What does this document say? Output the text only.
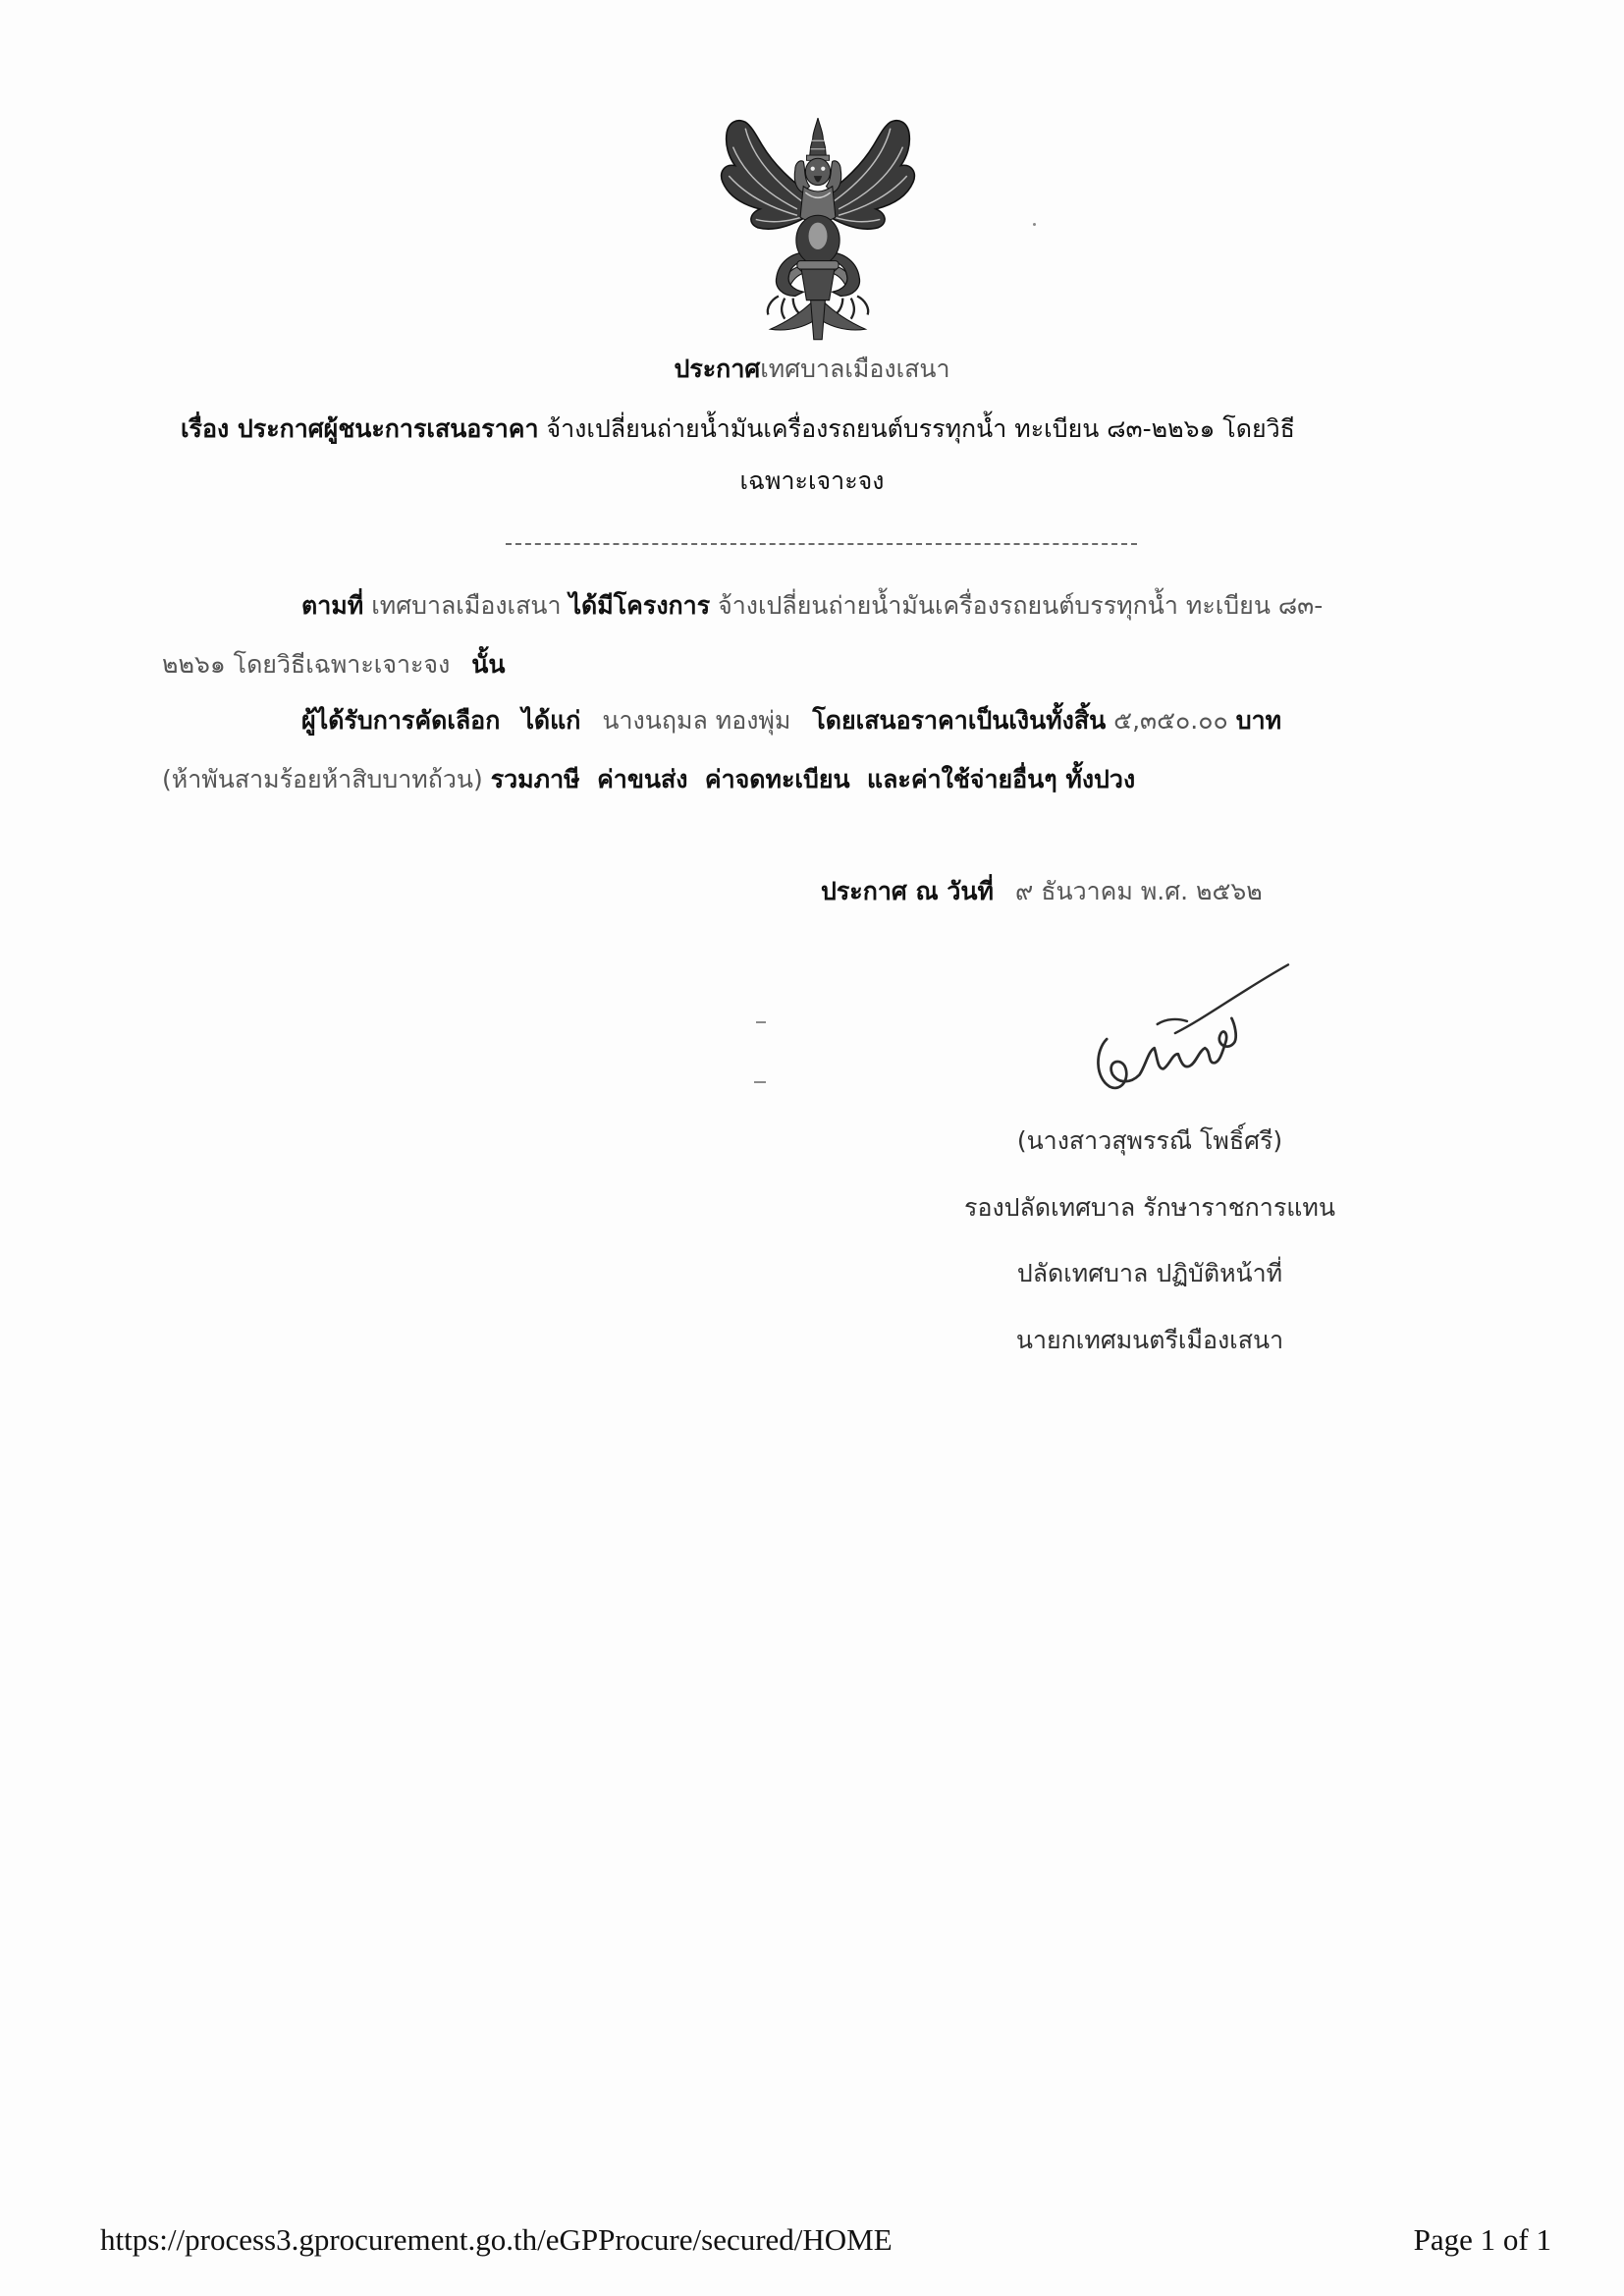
ประกาศเทศบาลเมืองเสนา
เรื่อง ประกาศผู้ชนะการเสนอราคา จ้างเปลี่ยนถ่ายน้ำมันเครื่องรถยนต์บรรทุกน้ำ ทะเบียน ๘๓-๒๒๖๑ โดยวิธี
เฉพาะเจาะจง
ตามที่ เทศบาลเมืองเสนา ได้มีโครงการ จ้างเปลี่ยนถ่ายน้ำมันเครื่องรถยนต์บรรทุกน้ำ ทะเบียน ๘๓-
๒๒๖๑ โดยวิธีเฉพาะเจาะจง นั้น
ผู้ได้รับการคัดเลือก ได้แก่ นางนฤมล ทองพุ่ม โดยเสนอราคาเป็นเงินทั้งสิ้น ๕,๓๕๐.๐๐ บาท
(ห้าพันสามร้อยห้าสิบบาทถ้วน) รวมภาษี  ค่าขนส่ง  ค่าจดทะเบียน  และค่าใช้จ่ายอื่นๆ ทั้งปวง
ประกาศ ณ วันที่ ๙ ธันวาคม พ.ศ. ๒๕๖๒
(นางสาวสุพรรณี โพธิ์ศรี)
รองปลัดเทศบาล รักษาราชการแทน
ปลัดเทศบาล ปฏิบัติหน้าที่
นายกเทศมนตรีเมืองเสนา
https://process3.gprocurement.go.th/eGPProcure/secured/HOME	Page 1 of 1
